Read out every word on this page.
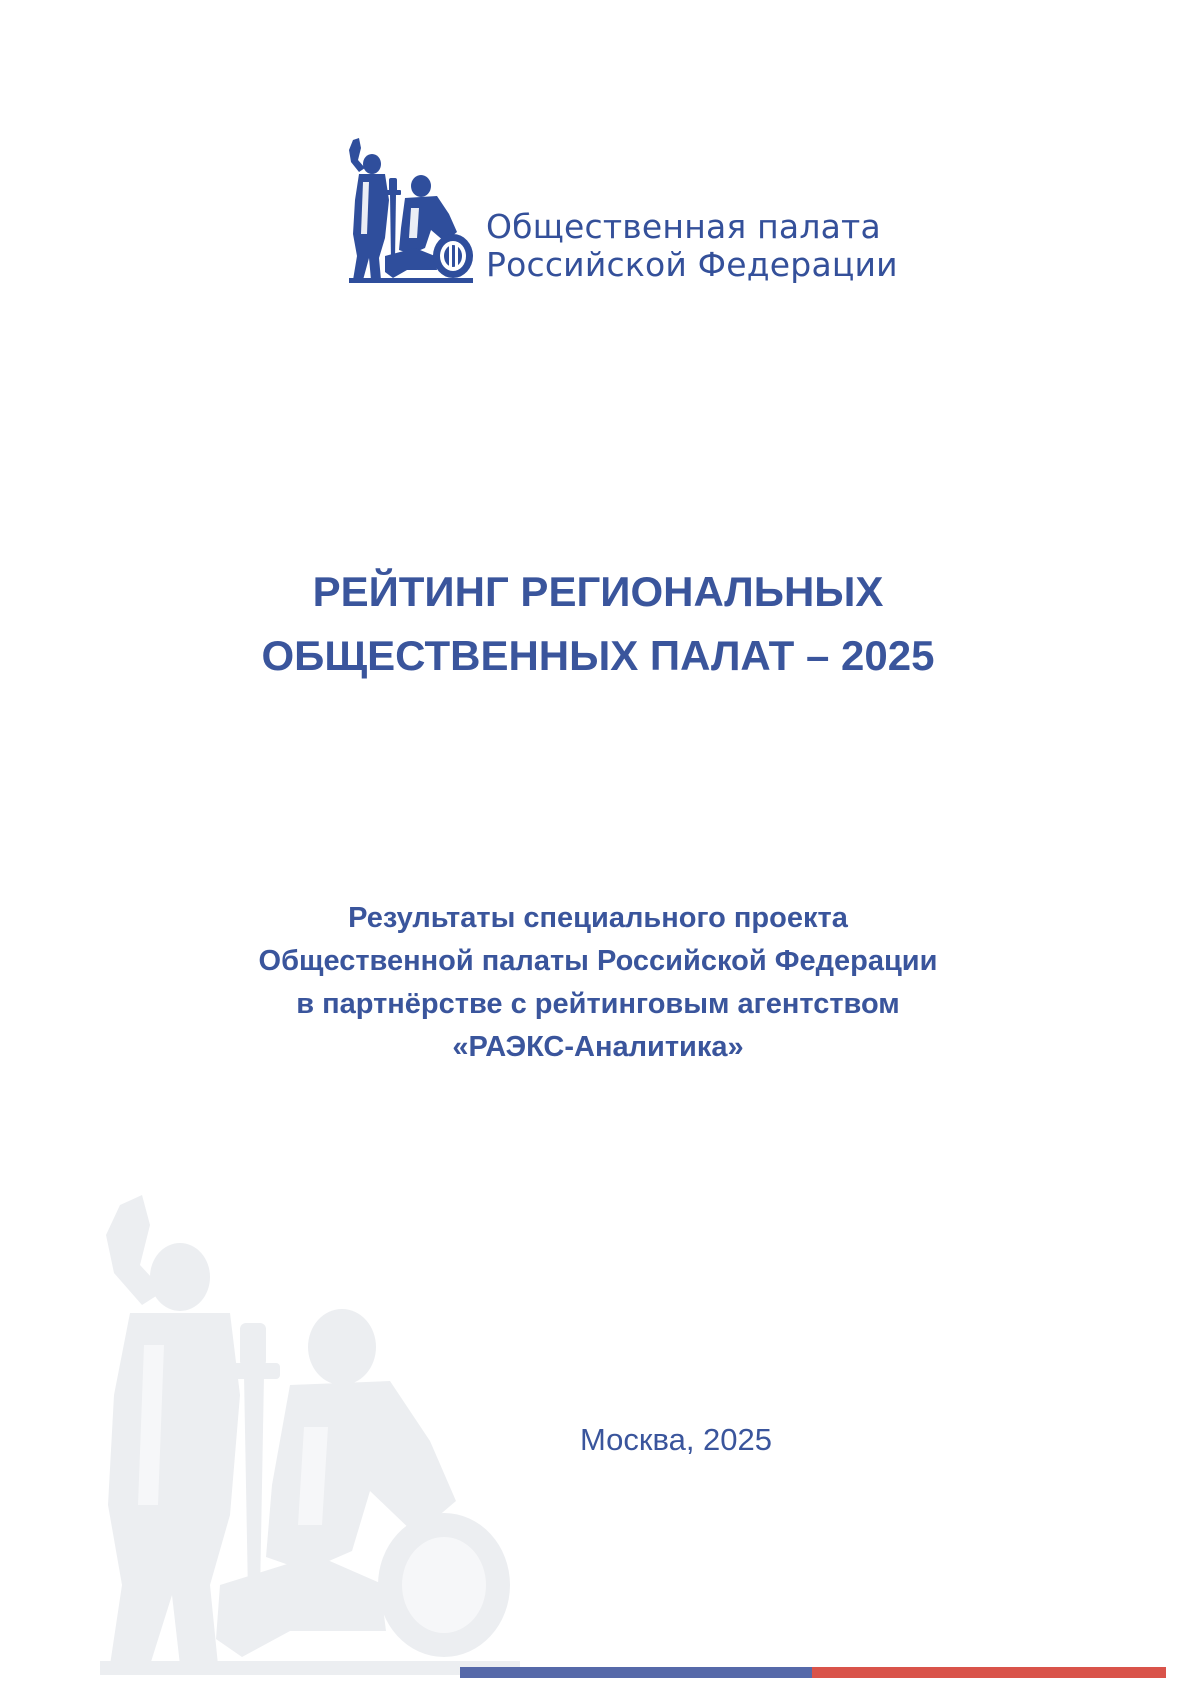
Общественная палата
Российской Федерации
РЕЙТИНГ РЕГИОНАЛЬНЫХ
ОБЩЕСТВЕННЫХ ПАЛАТ – 2025
Результаты специального проекта
Общественной палаты Российской Федерации
в партнёрстве с рейтинговым агентством
«РАЭКС-Аналитика»
Москва, 2025
